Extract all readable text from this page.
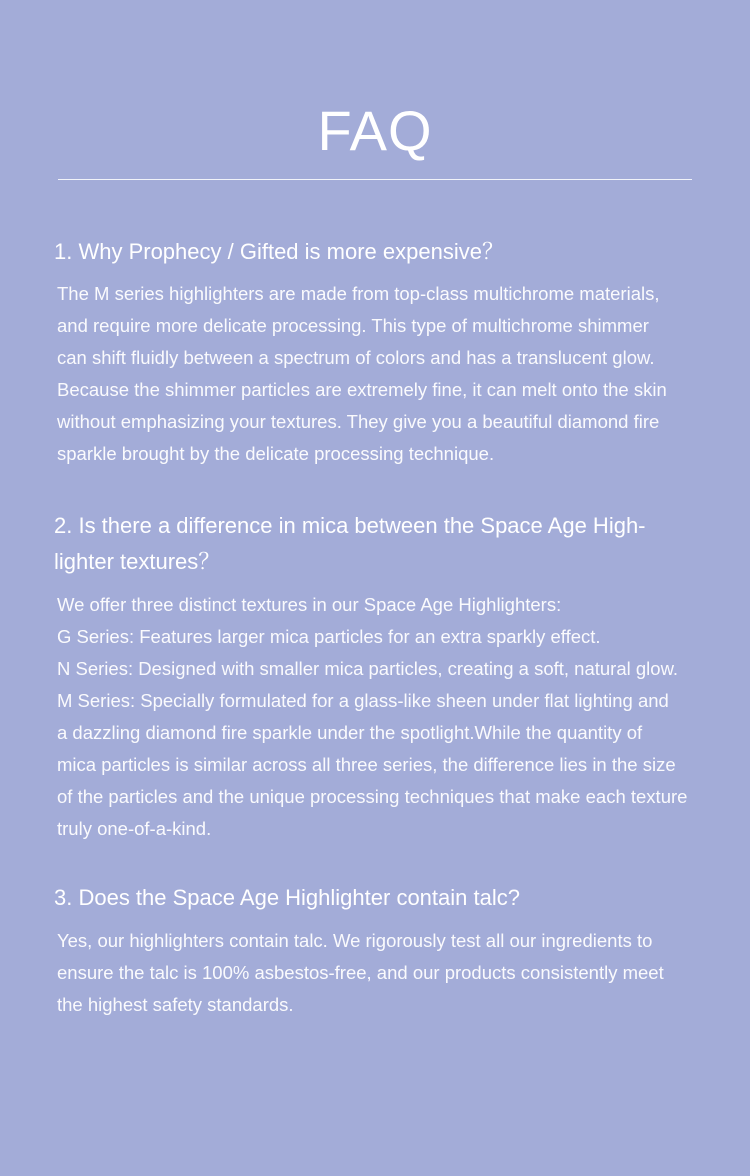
FAQ
1. Why Prophecy / Gifted is more expensive？

The M series highlighters are made from top-class multichrome materials,
and require more delicate processing. This type of multichrome shimmer
can shift fluidly between a spectrum of colors and has a translucent glow.
Because the shimmer particles are extremely fine, it can melt onto the skin
without emphasizing your textures. They give you a beautiful diamond fire
sparkle brought by the delicate processing technique.

2. Is there a difference in mica between the Space Age High-
lighter textures？

We offer three distinct textures in our Space Age Highlighters:
G Series: Features larger mica particles for an extra sparkly effect.
N Series: Designed with smaller mica particles, creating a soft, natural glow.
M Series: Specially formulated for a glass-like sheen under flat lighting and
a dazzling diamond fire sparkle under the spotlight.While the quantity of
mica particles is similar across all three series, the difference lies in the size
of the particles and the unique processing techniques that make each texture
truly one-of-a-kind.

3. Does the Space Age Highlighter contain talc?

Yes, our highlighters contain talc. We rigorously test all our ingredients to
ensure the talc is 100% asbestos-free, and our products consistently meet
the highest safety standards.
